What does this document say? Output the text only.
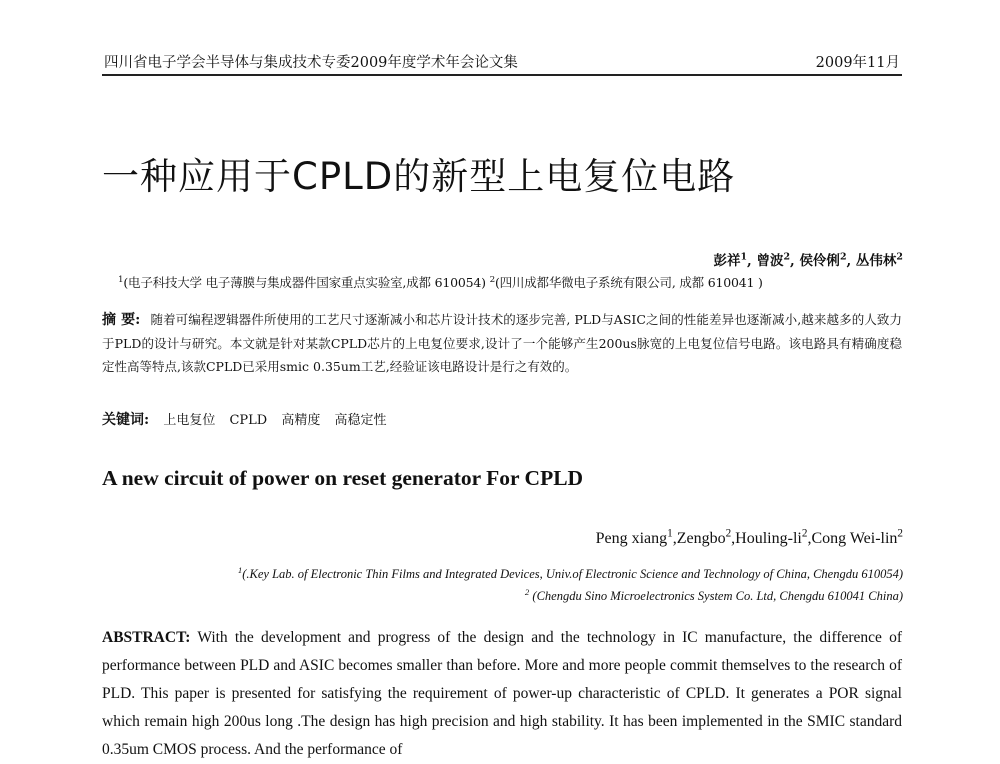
四川省电子学会半导体与集成技术专委2009年度学术年会论文集	2009年11月
一种应用于CPLD的新型上电复位电路
彭祥$^1$, 曾波$^2$, 侯伶俐$^2$, 丛伟林$^2$
$^1$(电子科技大学 电子薄膜与集成器件国家重点实验室,成都 610054) $^2$(四川成都华微电子系统有限公司, 成都 610041 )
摘 要: 随着可编程逻辑器件所使用的工艺尺寸逐渐减小和芯片设计技术的逐步完善, PLD与ASIC之间的性能差异也逐渐减小,越来越多的人致力于PLD的设计与研究。本文就是针对某款CPLD芯片的上电复位要求,设计了一个能够产生200us脉宽的上电复位信号电路。该电路具有精确度稳定性高等特点,该款CPLD已采用smic 0.35um工艺,经验证该电路设计是行之有效的。
关键词: 上电复位 CPLD 高精度 高稳定性
A new circuit of power on reset generator For CPLD
Peng $xiang^1,Zengbo^2,Houling-li^2,Cong$ Wei-lin$^2$
$^1$(.Key Lab. of Electronic Thin Films and Integrated Devices, Univ.of Electronic Science and Technology of China, Chengdu 610054)
$^2$ (Chengdu Sino Microelectronics System Co. Ltd, Chengdu 610041 China)
ABSTRACT: With the development and progress of the design and the technology in IC manufacture, the difference of performance between PLD and ASIC becomes smaller than before. More and more people commit themselves to the research of PLD. This paper is presented for satisfying the requirement of power-up characteristic of CPLD. It generates a POR signal which remain high 200us long .The design has high precision and high stability. It has been implemented in the SMIC standard 0.35um CMOS process. And the performance of
